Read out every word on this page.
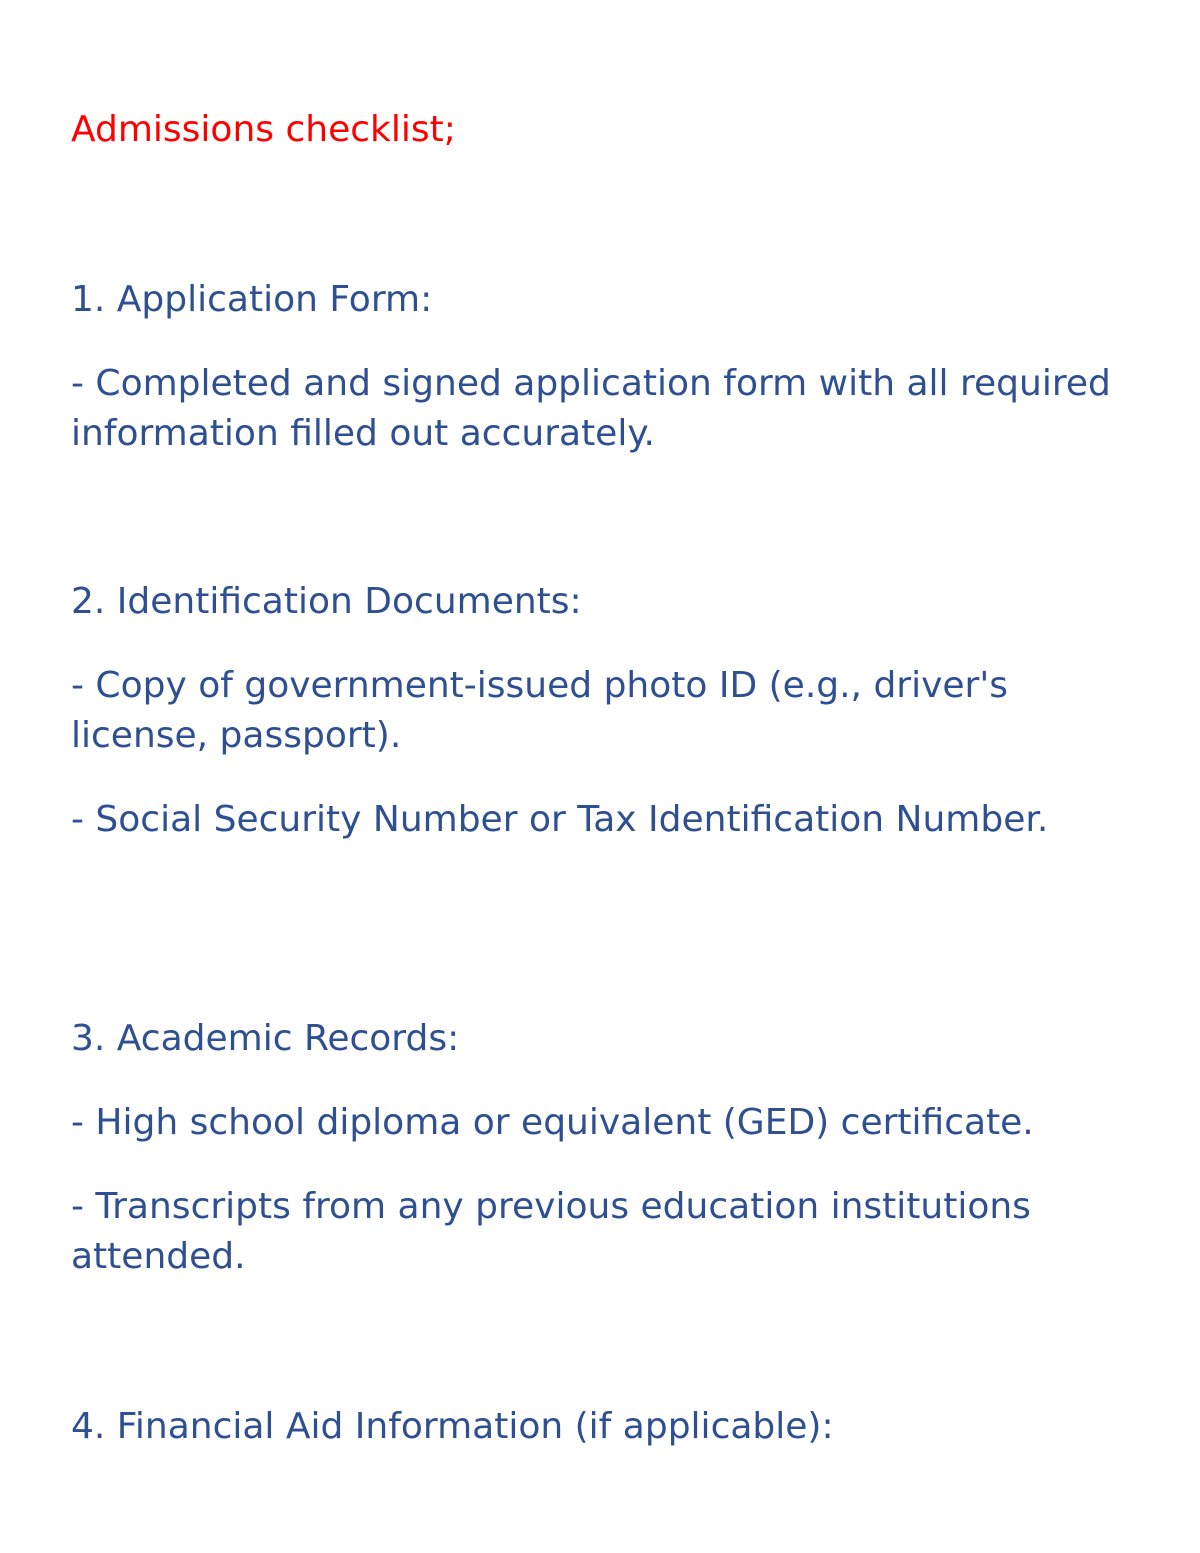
Admissions checklist;
1. Application Form:
- Completed and signed application form with all required information filled out accurately.
2. Identification Documents:
- Copy of government-issued photo ID (e.g., driver's license, passport).
- Social Security Number or Tax Identification Number.
3. Academic Records:
- High school diploma or equivalent (GED) certificate.
- Transcripts from any previous education institutions attended.
4. Financial Aid Information (if applicable):
